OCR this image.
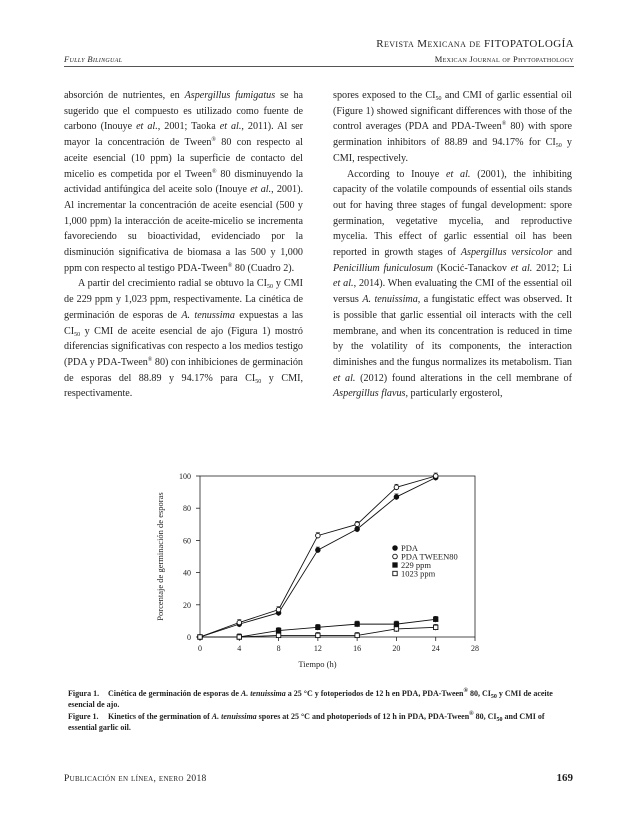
Fully Bilingual
Revista Mexicana de FITOPATOLOGÍA
Mexican Journal of Phytopathology

absorción de nutrientes, en Aspergillus fumigatus se ha sugerido que el compuesto es utilizado como fuente de carbono (Inouye et al., 2001; Taoka et al., 2011). Al ser mayor la concentración de Tween® 80 con respecto al aceite esencial (10 ppm) la superficie de contacto del micelio es competida por el Tween® 80 disminuyendo la actividad antifúngica del aceite solo (Inouye et al., 2001). Al incrementar la concentración de aceite esencial (500 y 1,000 ppm) la interacción de aceite-micelio se incrementa favoreciendo su bioactividad, evidenciado por la disminución significativa de biomasa a las 500 y 1,000 ppm con respecto al testigo PDA-Tween® 80 (Cuadro 2).

A partir del crecimiento radial se obtuvo la $CI_{50}$ y CMI de 229 ppm y 1,023 ppm, respectivamente. La cinética de germinación de esporas de A. tenussima expuestas a las $CI_{50}$ y CMI de aceite esencial de ajo (Figura 1) mostró diferencias significativas con respecto a los medios testigo (PDA y PDA-Tween® 80) con inhibiciones de germinación de esporas del 88.89 y 94.17% para $CI_{50}$ y CMI, respectivamente.

spores exposed to the $CI_{50}$ and CMI of garlic essential oil (Figure 1) showed significant differences with those of the control averages (PDA and PDA-Tween® 80) with spore germination inhibitors of 88.89 and 94.17% for $CI_{50}$ y CMI, respectively.

According to Inouye et al. (2001), the inhibiting capacity of the volatile compounds of essential oils stands out for having three stages of fungal development: spore germination, vegetative mycelia, and reproductive mycelia. This effect of garlic essential oil has been reported in growth stages of Aspergillus versicolor and Penicillium funiculosum (Kocić-Tanackov et al. 2012; Li et al., 2014). When evaluating the CMI of the essential oil versus A. tenuissima, a fungistatic effect was observed. It is possible that garlic essential oil interacts with the cell membrane, and when its concentration is reduced in time by the volatility of its components, the interaction diminishes and the fungus normalizes its metabolism. Tian et al. (2012) found alterations in the cell membrane of Aspergillus flavus, particularly ergosterol,

0	4	8	12	16	20	24	28
0
20
40
60
80
100
Tiempo (h)
Porcentaje de germinación de esporas	PDA
PDA TWEEN80
229 ppm
1023 ppm
Figura 1. Cinética de germinación de esporas de A. tenuissima a 25 °C y fotoperiodos de 12 h en PDA, PDA-Tween® 80, $CI_{50}$ y CMI de aceite esencial de ajo.
Figure 1. Kinetics of the germination of A. tenuissima spores at 25 °C and photoperiods of 12 h in PDA, PDA-Tween® 80, $CI_{50}$ and CMI of essential garlic oil.
Publicación en línea, enero 2018	169
